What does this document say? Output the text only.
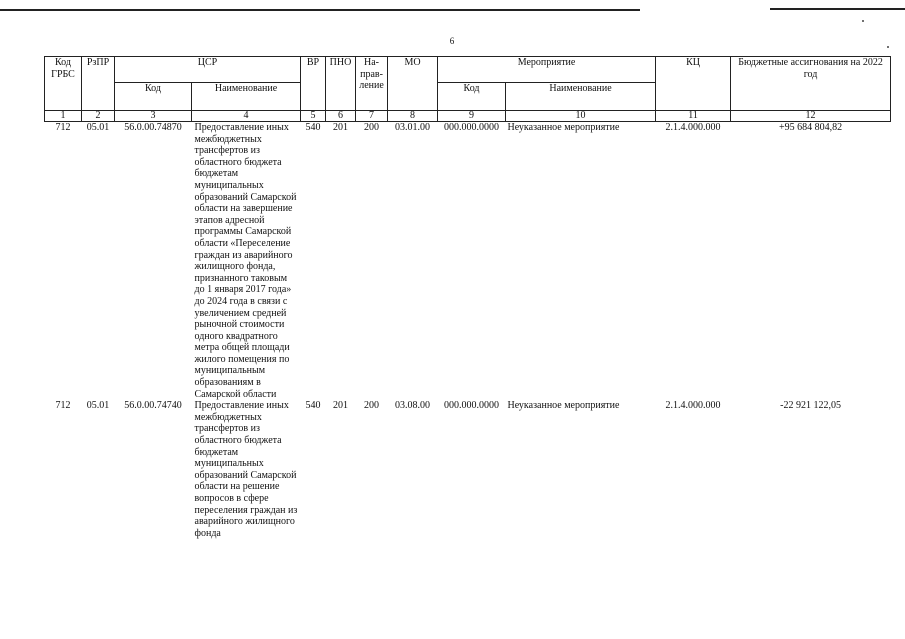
6
Код ГРБС	РзПР	ЦСР		ВР	ПНО	На-прав-ление	МО	Мероприятие		КЦ	Бюджетные ассигнования на 2022 год
		Код	Наименование					Код	Наименование		
1	2	3	4	5	6	7	8	9	10	11	12
712	05.01	56.0.00.74870	Предоставление иных межбюджетных трансфертов из областного бюджета бюджетам муниципальных образований Самарской области на завершение этапов адресной программы Самарской области «Переселение граждан из аварийного жилищного фонда, признанного таковым до 1 января 2017 года» до 2024 года в связи с увеличением средней рыночной стоимости одного квадратного метра общей площади жилого помещения по муниципальным образованиям в Самарской области	540	201	200	03.01.00	000.000.0000	Неуказанное мероприятие	2.1.4.000.000	+95 684 804,82
712	05.01	56.0.00.74740	Предоставление иных межбюджетных трансфертов из областного бюджета бюджетам муниципальных образований Самарской области на решение вопросов в сфере переселения граждан из аварийного жилищного фонда	540	201	200	03.08.00	000.000.0000	Неуказанное мероприятие	2.1.4.000.000	-22 921 122,05
